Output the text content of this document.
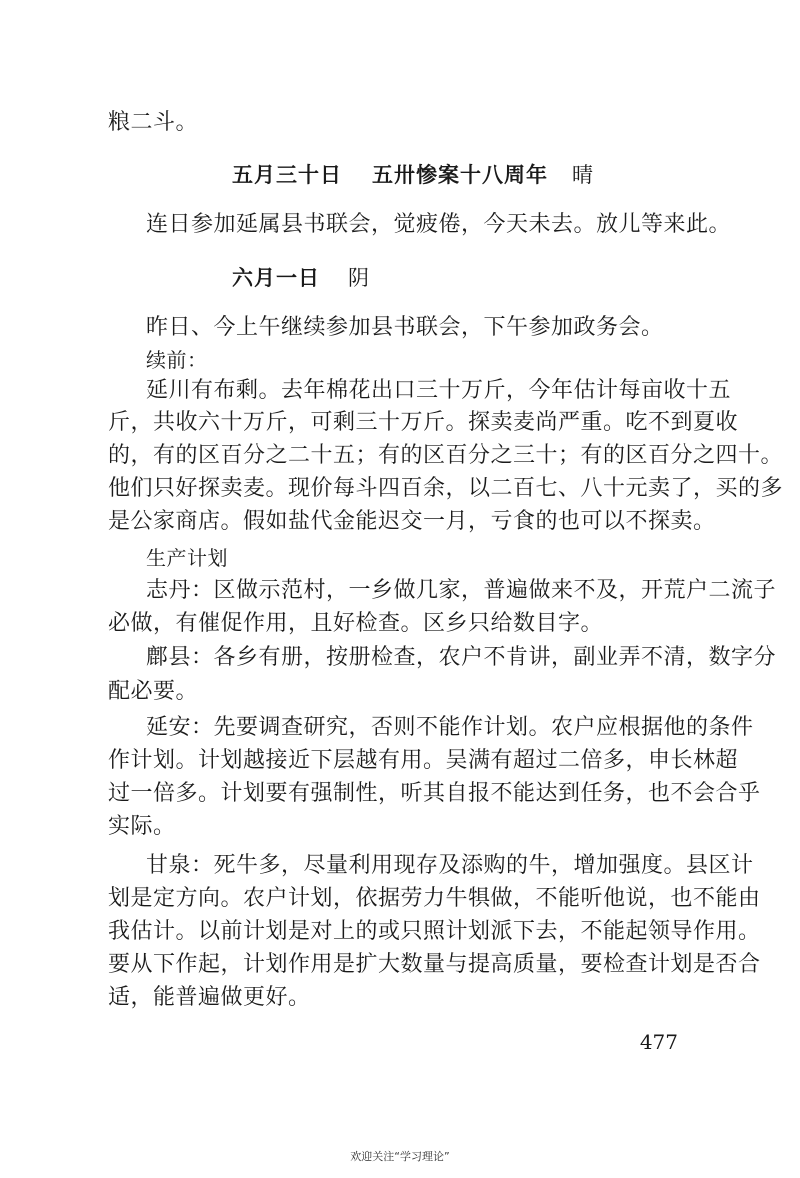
粮二斗。
五月三十日 五卅惨案十八周年 晴
连日参加延属县书联会，觉疲倦，今天未去。放儿等来此。
六月一日 阴
昨日、今上午继续参加县书联会，下午参加政务会。
续前：
延川有布剩。去年棉花出口三十万斤，今年估计每亩收十五
斤，共收六十万斤，可剩三十万斤。探卖麦尚严重。吃不到夏收
的，有的区百分之二十五；有的区百分之三十；有的区百分之四十。
他们只好探卖麦。现价每斗四百余，以二百七、八十元卖了，买的多
是公家商店。假如盐代金能迟交一月，亏食的也可以不探卖。
生产计划
志丹：区做示范村，一乡做几家，普遍做来不及，开荒户二流子
必做，有催促作用，且好检查。区乡只给数目字。
鄜县：各乡有册，按册检查，农户不肯讲，副业弄不清，数字分
配必要。
延安：先要调查研究，否则不能作计划。农户应根据他的条件
作计划。计划越接近下层越有用。吴满有超过二倍多，申长林超
过一倍多。计划要有强制性，听其自报不能达到任务，也不会合乎
实际。
甘泉：死牛多，尽量利用现存及添购的牛，增加强度。县区计
划是定方向。农户计划，依据劳力牛犋做，不能听他说，也不能由
我估计。以前计划是对上的或只照计划派下去，不能起领导作用。
要从下作起，计划作用是扩大数量与提高质量，要检查计划是否合
适，能普遍做更好。
477
欢迎关注“学习理论”
